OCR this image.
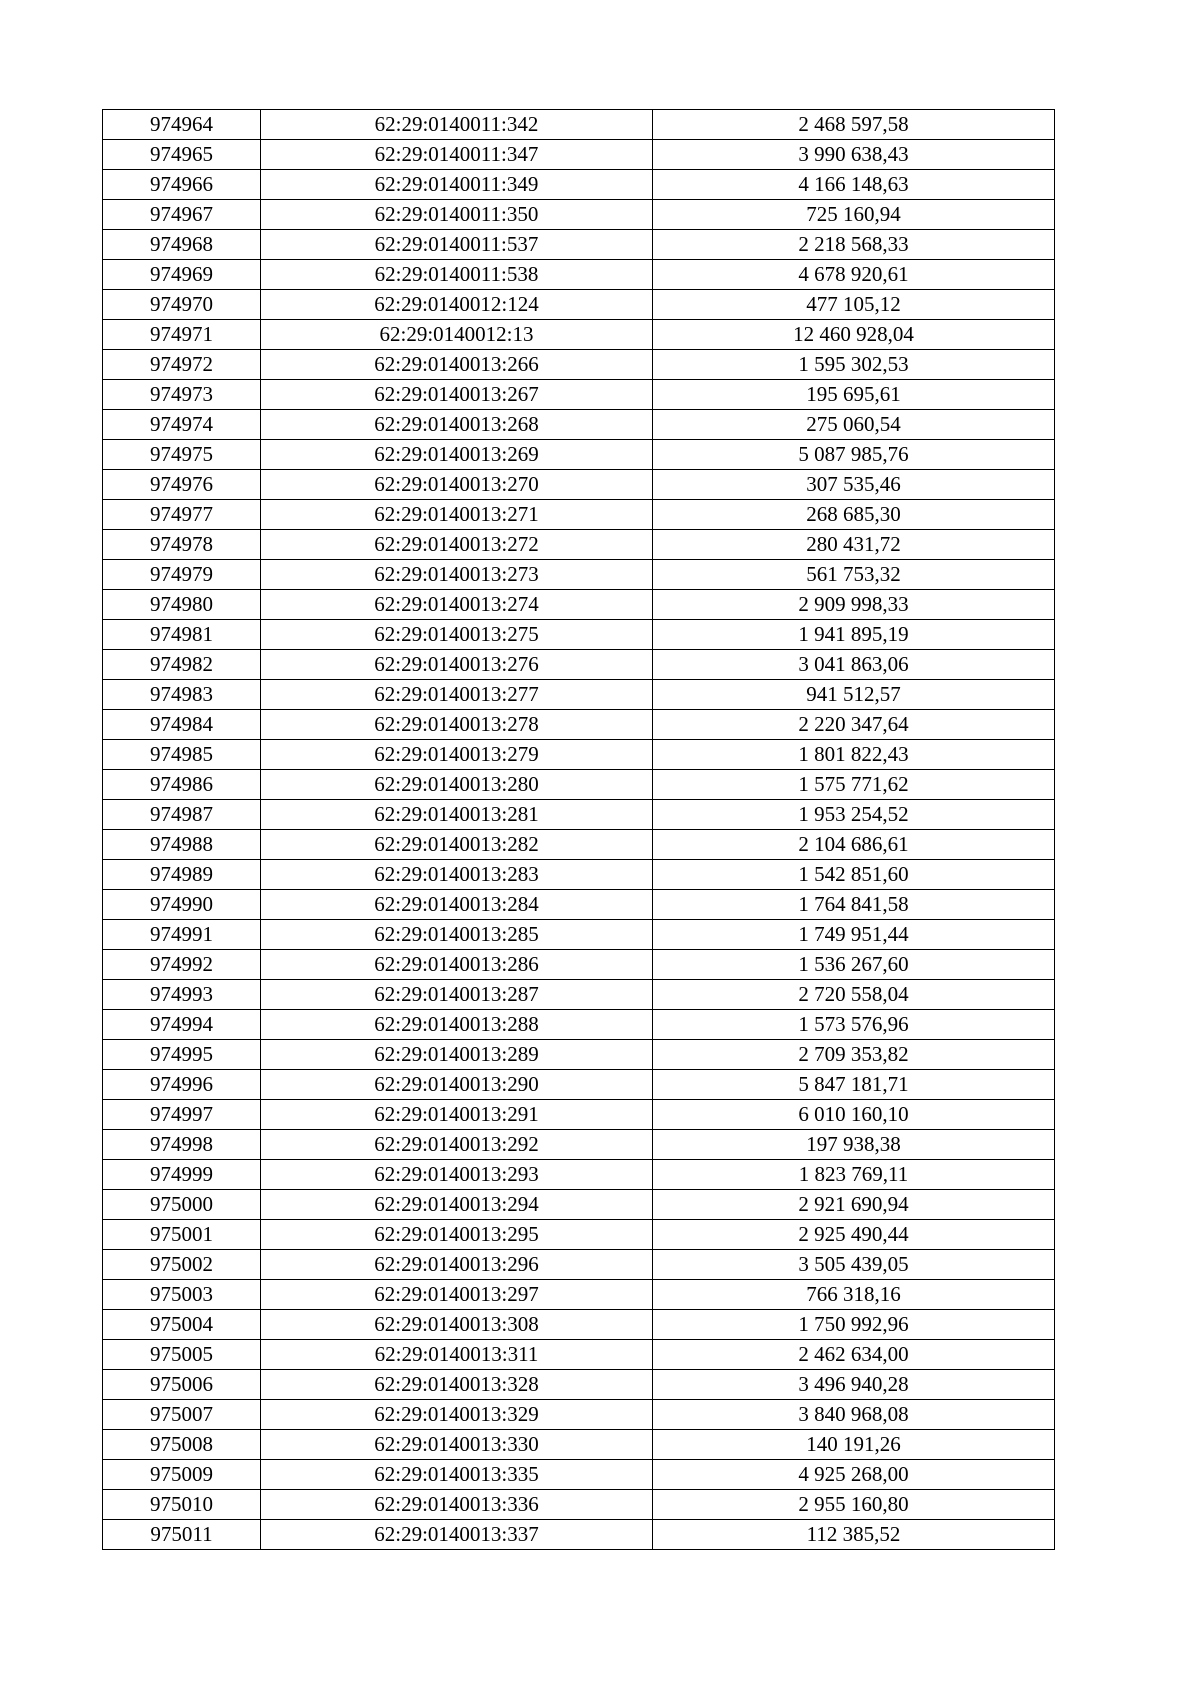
974964	62:29:0140011:342	2 468 597,58
974965	62:29:0140011:347	3 990 638,43
974966	62:29:0140011:349	4 166 148,63
974967	62:29:0140011:350	725 160,94
974968	62:29:0140011:537	2 218 568,33
974969	62:29:0140011:538	4 678 920,61
974970	62:29:0140012:124	477 105,12
974971	62:29:0140012:13	12 460 928,04
974972	62:29:0140013:266	1 595 302,53
974973	62:29:0140013:267	195 695,61
974974	62:29:0140013:268	275 060,54
974975	62:29:0140013:269	5 087 985,76
974976	62:29:0140013:270	307 535,46
974977	62:29:0140013:271	268 685,30
974978	62:29:0140013:272	280 431,72
974979	62:29:0140013:273	561 753,32
974980	62:29:0140013:274	2 909 998,33
974981	62:29:0140013:275	1 941 895,19
974982	62:29:0140013:276	3 041 863,06
974983	62:29:0140013:277	941 512,57
974984	62:29:0140013:278	2 220 347,64
974985	62:29:0140013:279	1 801 822,43
974986	62:29:0140013:280	1 575 771,62
974987	62:29:0140013:281	1 953 254,52
974988	62:29:0140013:282	2 104 686,61
974989	62:29:0140013:283	1 542 851,60
974990	62:29:0140013:284	1 764 841,58
974991	62:29:0140013:285	1 749 951,44
974992	62:29:0140013:286	1 536 267,60
974993	62:29:0140013:287	2 720 558,04
974994	62:29:0140013:288	1 573 576,96
974995	62:29:0140013:289	2 709 353,82
974996	62:29:0140013:290	5 847 181,71
974997	62:29:0140013:291	6 010 160,10
974998	62:29:0140013:292	197 938,38
974999	62:29:0140013:293	1 823 769,11
975000	62:29:0140013:294	2 921 690,94
975001	62:29:0140013:295	2 925 490,44
975002	62:29:0140013:296	3 505 439,05
975003	62:29:0140013:297	766 318,16
975004	62:29:0140013:308	1 750 992,96
975005	62:29:0140013:311	2 462 634,00
975006	62:29:0140013:328	3 496 940,28
975007	62:29:0140013:329	3 840 968,08
975008	62:29:0140013:330	140 191,26
975009	62:29:0140013:335	4 925 268,00
975010	62:29:0140013:336	2 955 160,80
975011	62:29:0140013:337	112 385,52
